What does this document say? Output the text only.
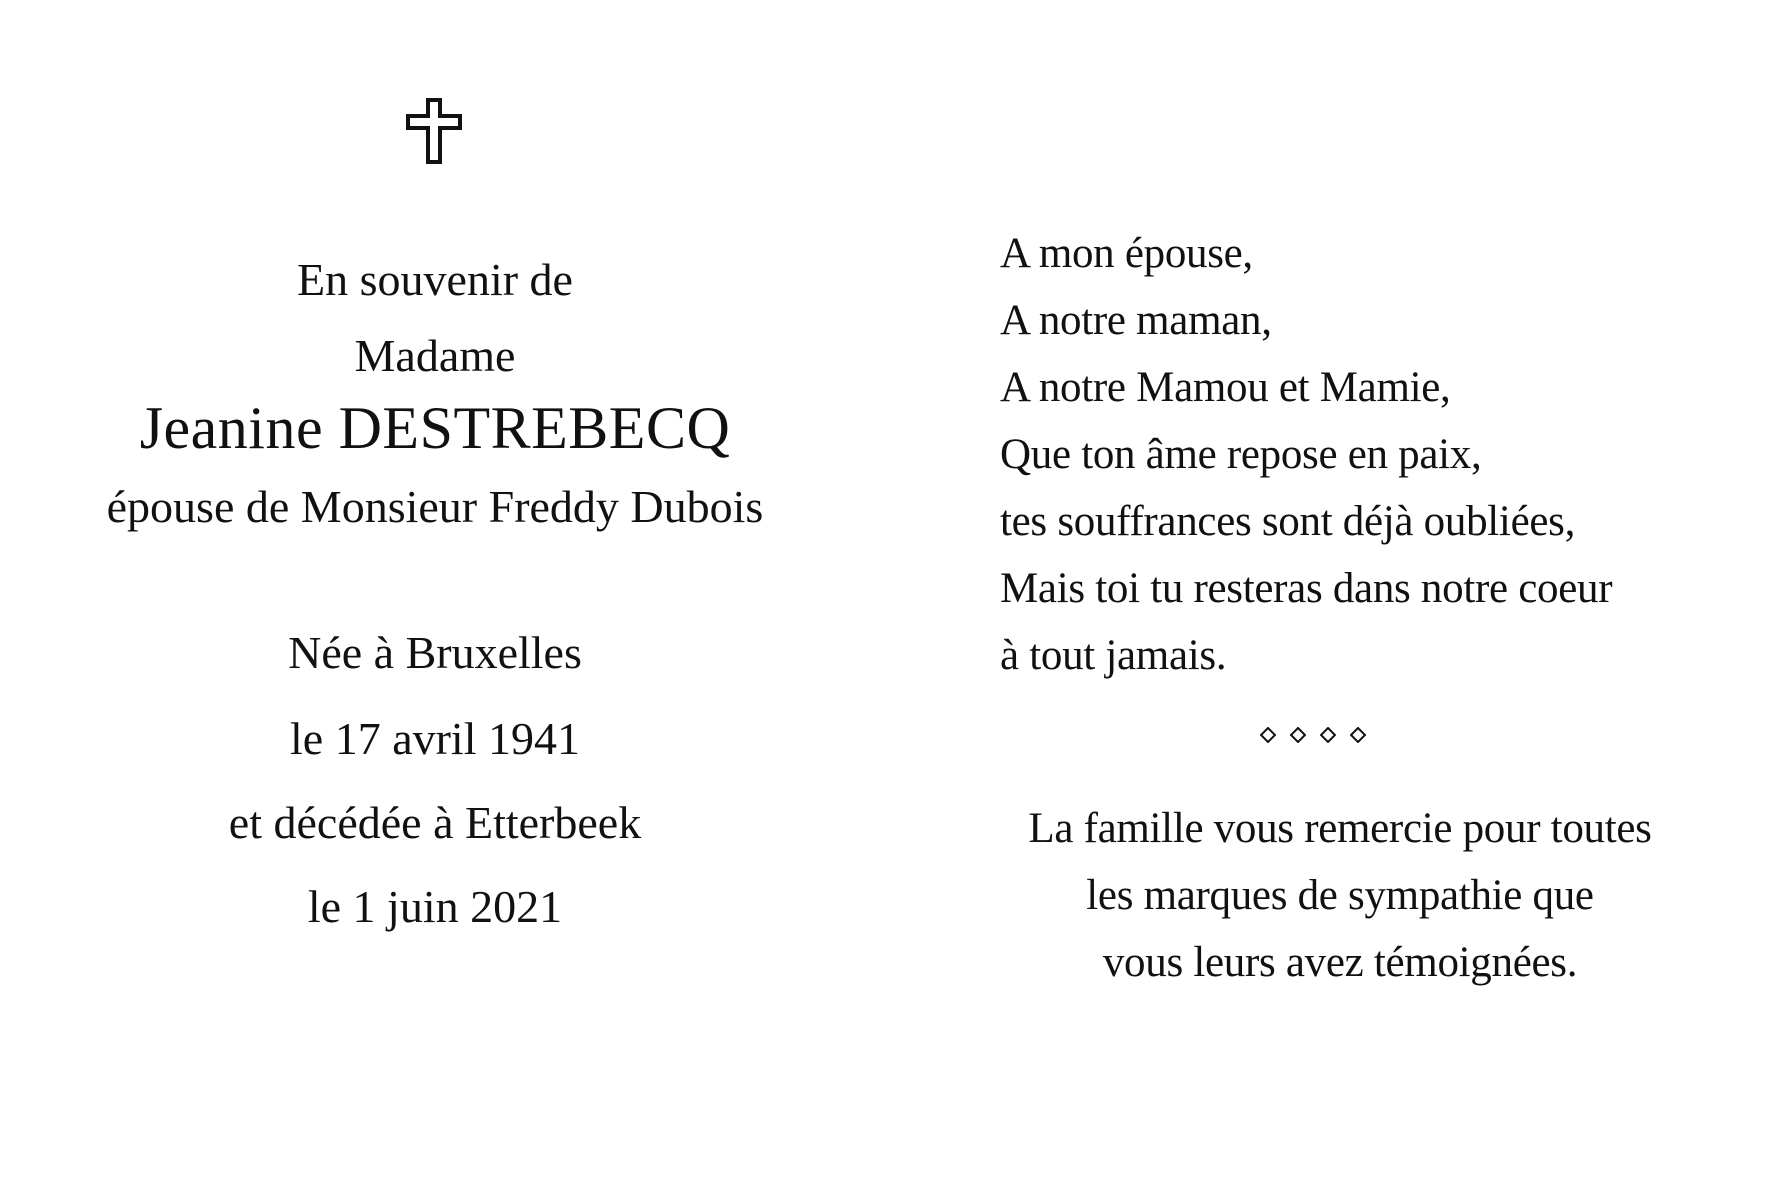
En souvenir de
Madame
Jeanine DESTREBECQ
épouse de Monsieur Freddy Dubois
Née à Bruxelles
le 17 avril 1941
et décédée à Etterbeek
le 1 juin 2021
A mon épouse,
A notre maman,
A notre Mamou et Mamie,
Que ton âme repose en paix,
tes souffrances sont déjà oubliées,
Mais toi tu resteras dans notre coeur
à tout jamais.
La famille vous remercie pour toutes
les marques de sympathie que
vous leurs avez témoignées.
